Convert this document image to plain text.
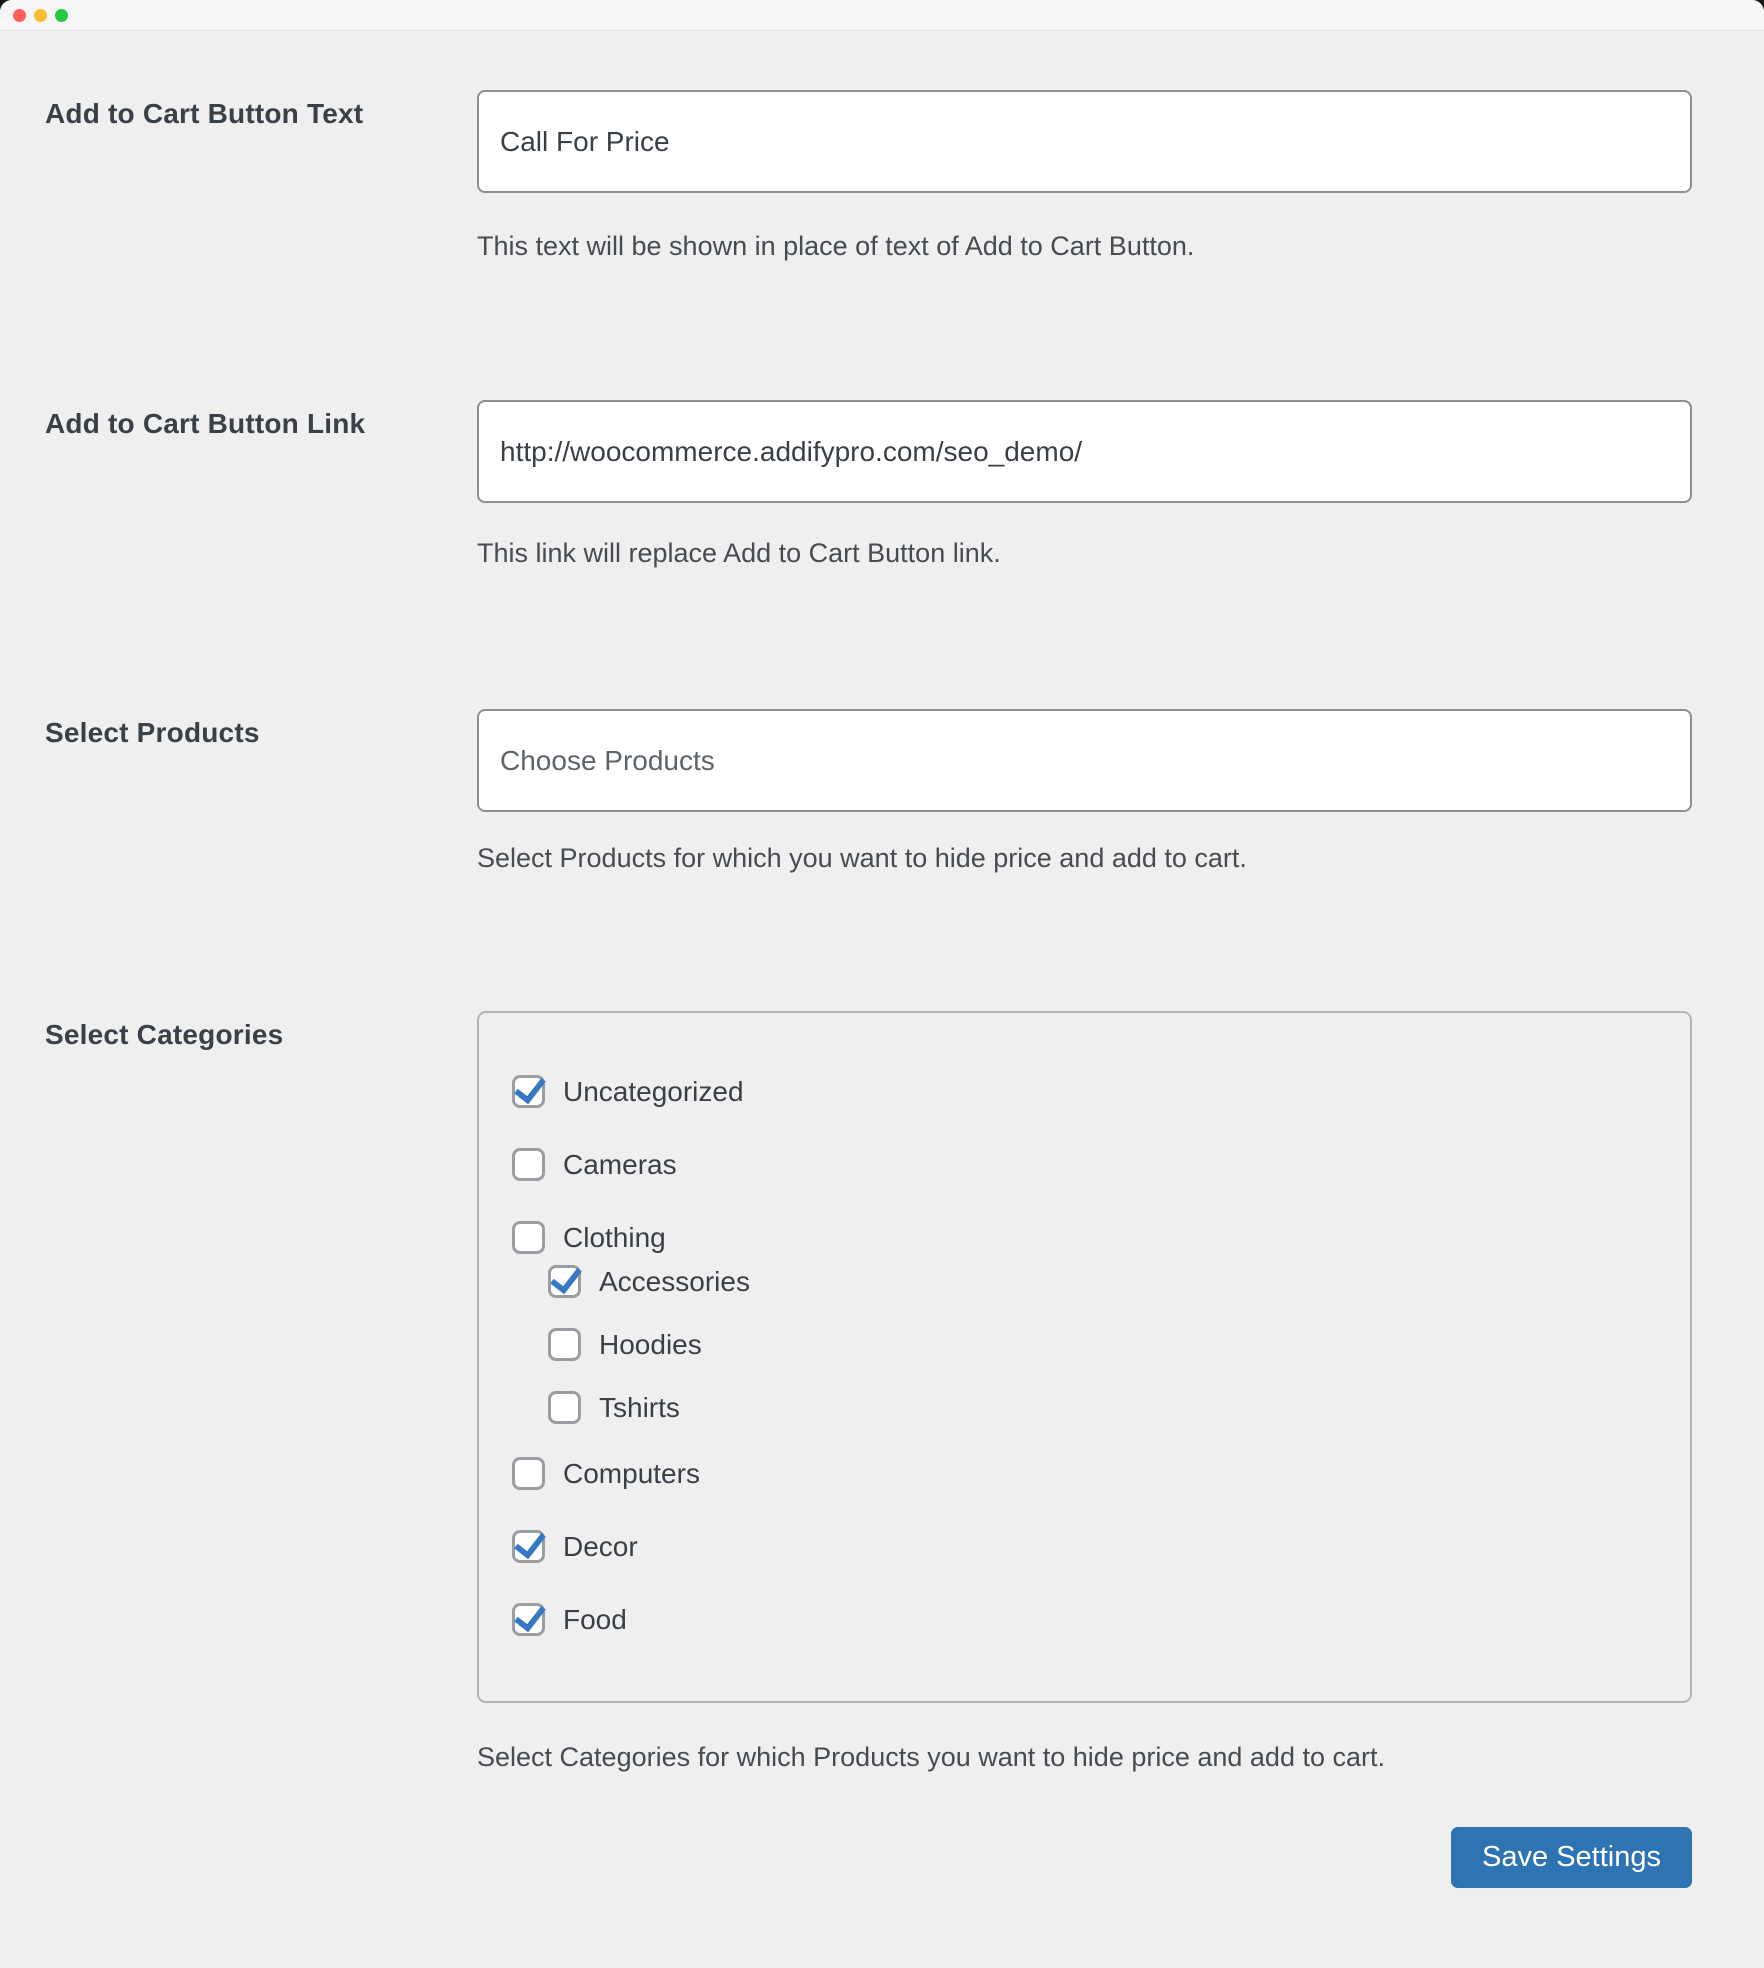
Add to Cart Button Text
Call For Price
This text will be shown in place of text of Add to Cart Button.
Add to Cart Button Link
http://woocommerce.addifypro.com/seo_demo/
This link will replace Add to Cart Button link.
Select Products
Choose Products
Select Products for which you want to hide price and add to cart.
Select Categories
Uncategorized
Cameras
Clothing
Accessories
Hoodies
Tshirts
Computers
Decor
Food
Select Categories for which Products you want to hide price and add to cart.
Save Settings
